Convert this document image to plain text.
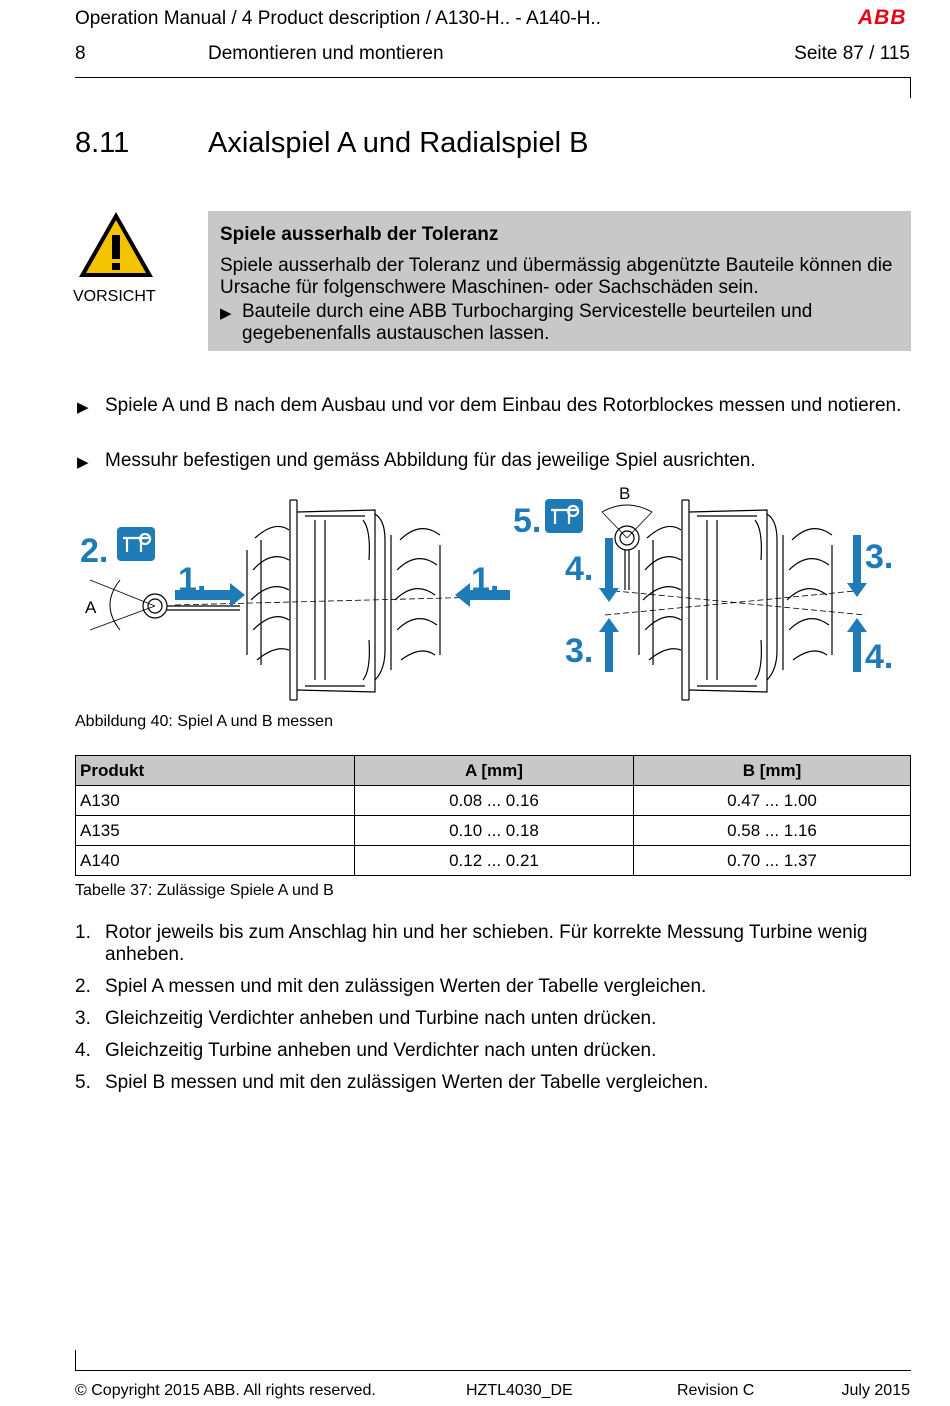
Operation Manual / 4 Product description / A130-H.. - A140-H..	ABB
8	Demontieren und montieren	Seite 87 / 115
8.11	Axialspiel A und Radialspiel B
VORSICHT
Spiele ausserhalb der Toleranz
Spiele ausserhalb der Toleranz und übermässig abgenützte Bauteile können die Ursache für folgenschwere Maschinen- oder Sachschäden sein.
▶ Bauteile durch eine ABB Turbocharging Servicestelle beurteilen und gegebenenfalls austauschen lassen.
▶ Spiele A und B nach dem Ausbau und vor dem Einbau des Rotorblockes messen und notieren.
▶ Messuhr befestigen und gemäss Abbildung für das jeweilige Spiel ausrichten.
2.
1.	1.
A
5.
B
4.
3.
3.
4.
Abbildung 40: Spiel A und B messen
Produkt	A [mm]	B [mm]
A130	0.08 ... 0.16	0.47 ... 1.00
A135	0.10 ... 0.18	0.58 ... 1.16
A140	0.12 ... 0.21	0.70 ... 1.37
Tabelle 37: Zulässige Spiele A und B
1. Rotor jeweils bis zum Anschlag hin und her schieben. Für korrekte Messung Turbine wenig anheben.
2. Spiel A messen und mit den zulässigen Werten der Tabelle vergleichen.
3. Gleichzeitig Verdichter anheben und Turbine nach unten drücken.
4. Gleichzeitig Turbine anheben und Verdichter nach unten drücken.
5. Spiel B messen und mit den zulässigen Werten der Tabelle vergleichen.
© Copyright 2015 ABB. All rights reserved.	HZTL4030_DE	Revision C	July 2015
